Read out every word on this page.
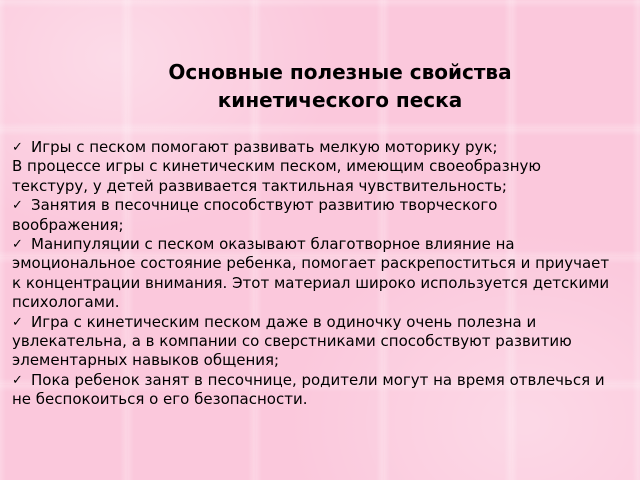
Основные полезные свойства кинетического песка

✓ Игры с песком помогают развивать мелкую моторику рук;

В процессе игры с кинетическим песком, имеющим своеобразную текстуру, у детей развивается тактильная чувствительность;

✓ Занятия в песочнице способствуют развитию творческого воображения;

✓ Манипуляции с песком оказывают благотворное влияние на эмоциональное состояние ребенка, помогает раскрепоститься и приучает к концентрации внимания. Этот материал широко используется детскими психологами.

✓ Игра с кинетическим песком даже в одиночку очень полезна и увлекательна, а в компании со сверстниками способствуют развитию элементарных навыков общения;

✓ Пока ребенок занят в песочнице, родители могут на время отвлечься и не беспокоиться о его безопасности.
